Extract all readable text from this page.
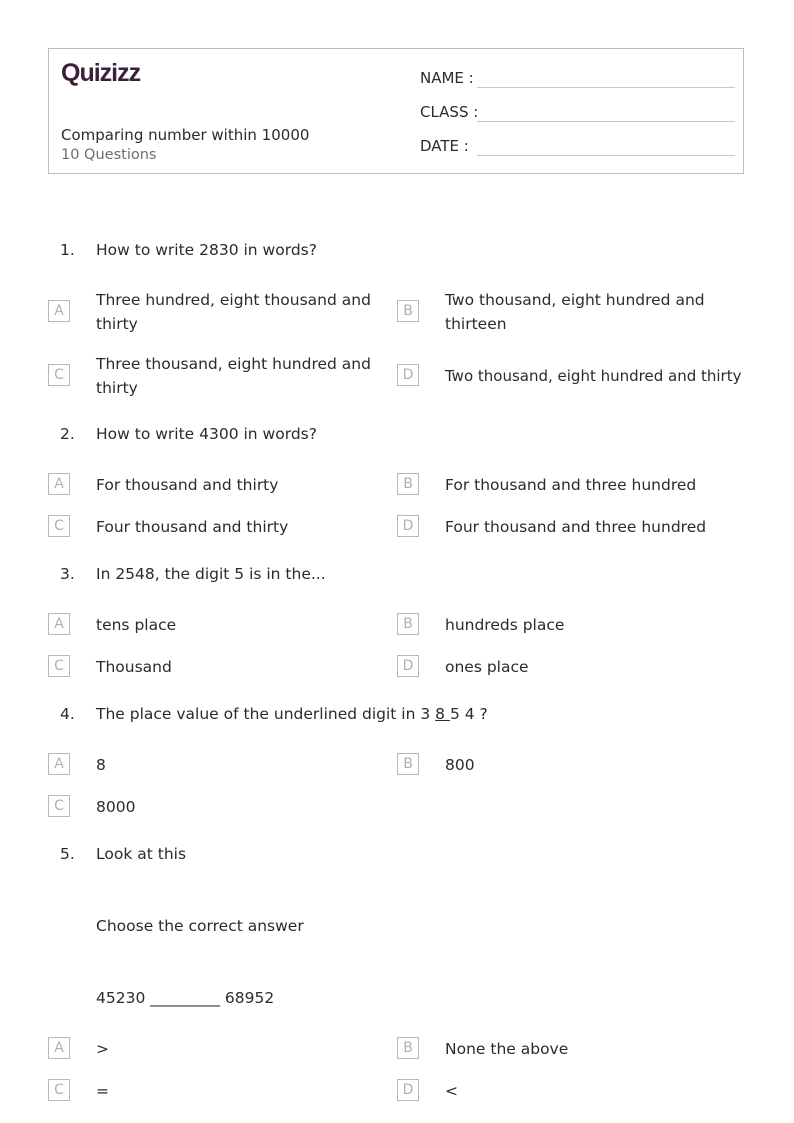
Quizizz
Comparing number within 10000
10 Questions
NAME :
CLASS :
DATE :
1. How to write 2830 in words?
A
Three hundred, eight thousand and thirty
B
Two thousand, eight hundred and thirteen
C
Three thousand, eight hundred and thirty
D	Two thousand, eight hundred and thirty
2. How to write 4300 in words?
A	For thousand and thirty	B	For thousand and three hundred
C	Four thousand and thirty	D	Four thousand and three hundred
3. In 2548, the digit 5 is in the...
A	tens place	B	hundreds place
C	Thousand	D	ones place
4. The place value of the underlined digit in 3 8 5 4 ?
A	8	B	800
C	8000
5. Look at this
Choose the correct answer
45230 _________ 68952
A	>	B	None the above
C	=	D	<
